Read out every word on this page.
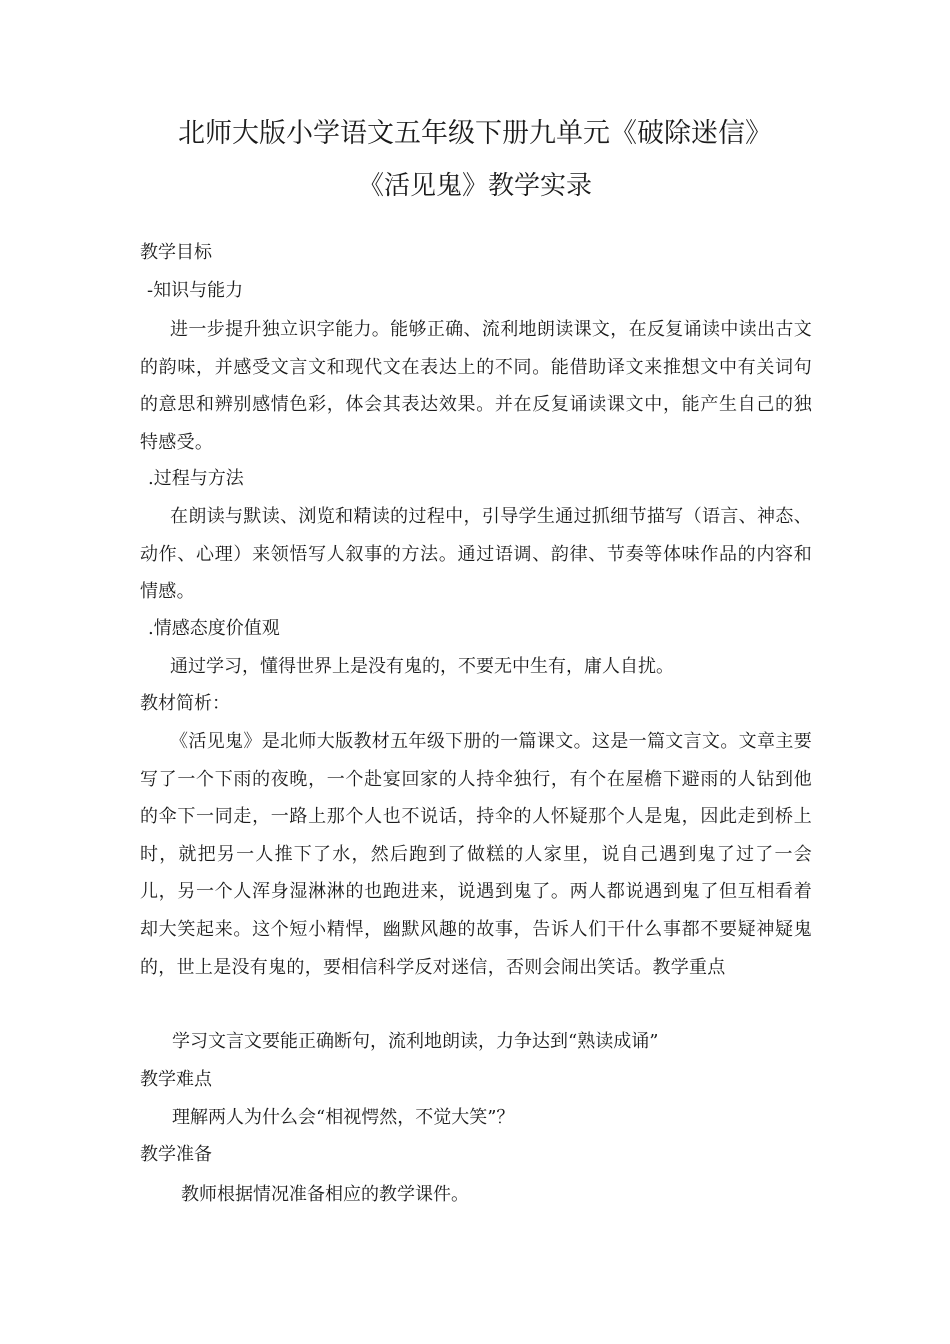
北师大版小学语文五年级下册九单元《破除迷信》
《活见鬼》教学实录
教学目标
-知识与能力
进一步提升独立识字能力。能够正确、流利地朗读课文，在反复诵读中读出古文的韵味，并感受文言文和现代文在表达上的不同。能借助译文来推想文中有关词句的意思和辨别感情色彩，体会其表达效果。并在反复诵读课文中，能产生自己的独特感受。
.过程与方法
在朗读与默读、浏览和精读的过程中，引导学生通过抓细节描写（语言、神态、动作、心理）来领悟写人叙事的方法。通过语调、韵律、节奏等体味作品的内容和情感。
.情感态度价值观
通过学习，懂得世界上是没有鬼的，不要无中生有，庸人自扰。
教材简析：
《活见鬼》是北师大版教材五年级下册的一篇课文。这是一篇文言文。文章主要写了一个下雨的夜晚，一个赴宴回家的人持伞独行，有个在屋檐下避雨的人钻到他的伞下一同走，一路上那个人也不说话，持伞的人怀疑那个人是鬼，因此走到桥上时，就把另一人推下了水，然后跑到了做糕的人家里，说自己遇到鬼了过了一会儿，另一个人浑身湿淋淋的也跑进来，说遇到鬼了。两人都说遇到鬼了但互相看着却大笑起来。这个短小精悍，幽默风趣的故事，告诉人们干什么事都不要疑神疑鬼的，世上是没有鬼的，要相信科学反对迷信，否则会闹出笑话。教学重点
学习文言文要能正确断句，流利地朗读，力争达到“熟读成诵”
教学难点
理解两人为什么会“相视愕然，不觉大笑”？
教学准备
教师根据情况准备相应的教学课件。
